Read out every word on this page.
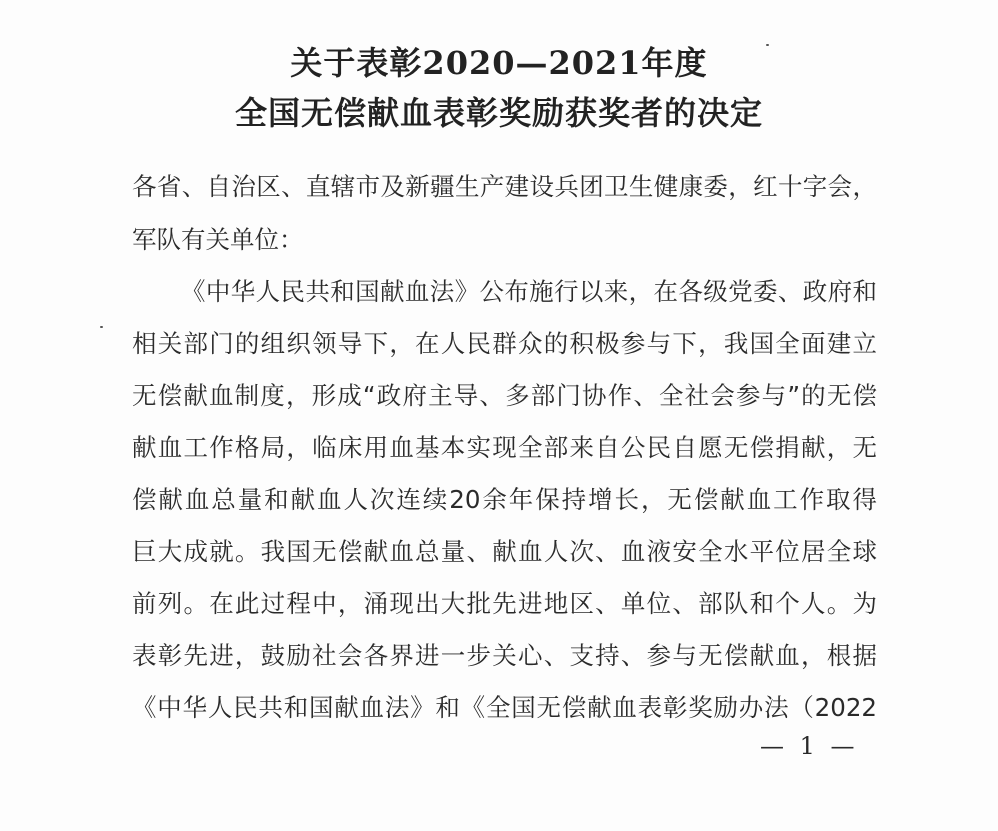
关于表彰2020—2021年度
全国无偿献血表彰奖励获奖者的决定
各省、自治区、直辖市及新疆生产建设兵团卫生健康委，红十字会，
军队有关单位：
《中华人民共和国献血法》公布施行以来，在各级党委、政府和
相关部门的组织领导下，在人民群众的积极参与下，我国全面建立
无偿献血制度，形成“政府主导、多部门协作、全社会参与”的无偿
献血工作格局，临床用血基本实现全部来自公民自愿无偿捐献，无
偿献血总量和献血人次连续20余年保持增长，无偿献血工作取得
巨大成就。我国无偿献血总量、献血人次、血液安全水平位居全球
前列。在此过程中，涌现出大批先进地区、单位、部队和个人。为
表彰先进，鼓励社会各界进一步关心、支持、参与无偿献血，根据
《中华人民共和国献血法》和《全国无偿献血表彰奖励办法（2022
— 1 —
